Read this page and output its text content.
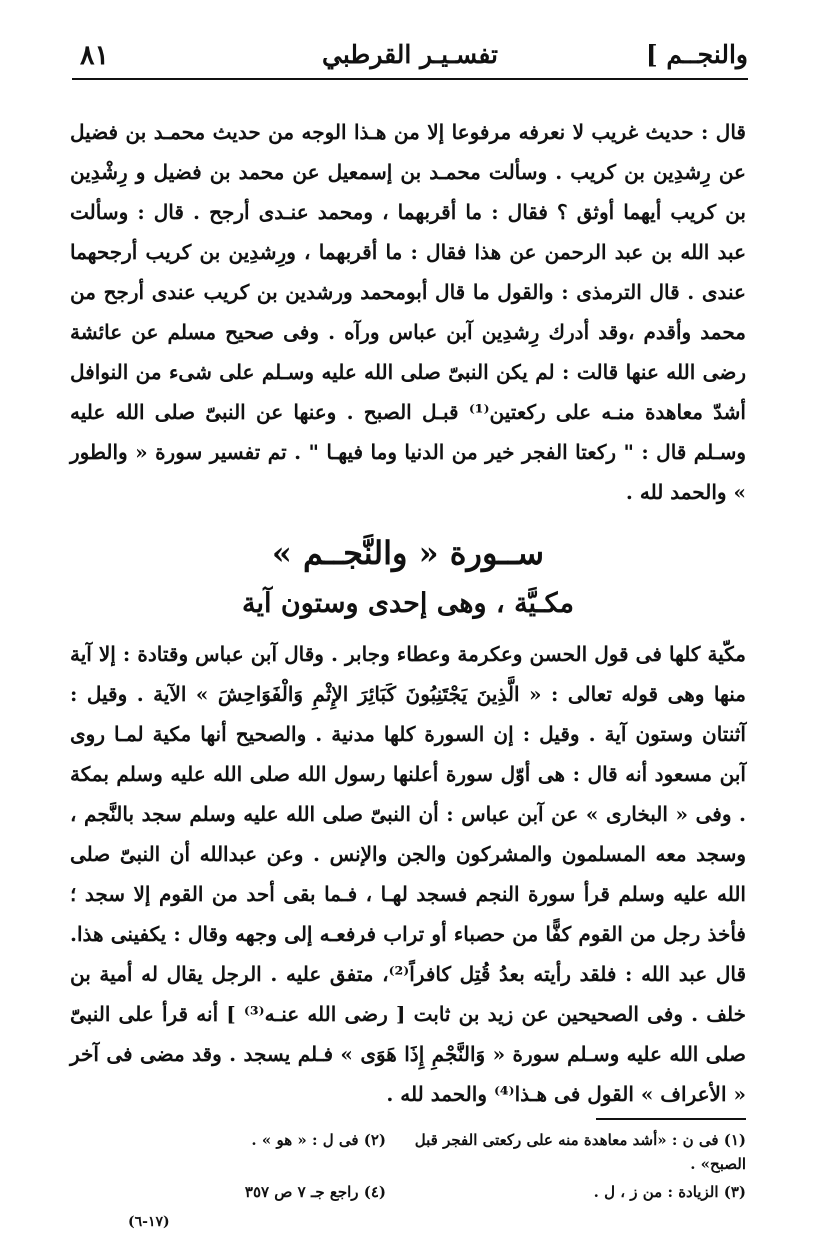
٨١	تفسـيـر القرطبي	والنجــم ]

قال : حديث غريب لا نعرفه مرفوعا إلا من هـذا الوجه من حديث محمـد بن فضيل عن رِشدِين بن كريب . وسألت محمـد بن إسمعيل عن محمد بن فضيل و رِشْدِين بن كريب أيهما أوثق ؟ فقال : ما أقربهما ، ومحمد عنـدى أرجح . قال : وسألت عبد الله بن عبد الرحمن عن هذا فقال : ما أقربهما ، ورِشدِين بن كريب أرجحهما عندى . قال الترمذى : والقول ما قال أبومحمد ورشدين بن كريب عندى أرجح من محمد وأقدم ،وقد أدرك رِشدِين آبن عباس ورآه . وفى صحيح مسلم عن عائشة رضى الله عنها قالت : لم يكن النبىّ صلى الله عليه وسـلم على شىء من النوافل أشدّ معاهدة منـه على ركعتين⁽¹⁾ قبـل الصبح . وعنها عن النبىّ صلى الله عليه وسـلم قال : " ركعتا الفجر خير من الدنيا وما فيهـا " . تم تفسير سورة « والطور » والحمد لله .

ســورة « والنَّجــم »
مكـيَّة ، وهى إحدى وستون آية

مكّية كلها فى قول الحسن وعكرمة وعطاء وجابر . وقال آبن عباس وقتادة : إلا آية منها وهى قوله تعالى : « الَّذِينَ يَجْتَنِبُونَ كَبَائِرَ الإِثْمِ وَالْفَوَاحِشَ » الآية . وقيل : آثنتان وستون آية . وقيل : إن السورة كلها مدنية . والصحيح أنها مكية لمـا روى آبن مسعود أنه قال : هى أوّل سورة أعلنها رسول الله صلى الله عليه وسلم بمكة . وفى « البخارى » عن آبن عباس : أن النبىّ صلى الله عليه وسلم سجد بالنَّجم ، وسجد معه المسلمون والمشركون والجن والإنس . وعن عبدالله أن النبىّ صلى الله عليه وسلم قرأ سورة النجم فسجد لهـا ، فـما بقى أحد من القوم إلا سجد ؛ فأخذ رجل من القوم كفًّا من حصباء أو تراب فرفعـه إلى وجهه وقال : يكفينى هذا. قال عبد الله : فلقد رأيته بعدُ قُتِل كافراً⁽²⁾، متفق عليه . الرجل يقال له أمية بن خلف . وفى الصحيحين عن زيد بن ثابت [ رضى الله عنـه⁽³⁾ ] أنه قرأ على النبىّ صلى الله عليه وسـلم سورة « وَالنَّجْمِ إِذَا هَوَى » فـلم يسجد . وقد مضى فى آخر « الأعراف » القول فى هـذا⁽⁴⁾ والحمد لله .

(١) فى ن : «أشد معاهدة منه على ركعتى الفجر قبل الصبح» .
(٢) فى ل : « هو » .
(٣) الزيادة : من ز ، ل .
(٤) راجع جـ ٧ ص ٣٥٧
(١٧-٦)
